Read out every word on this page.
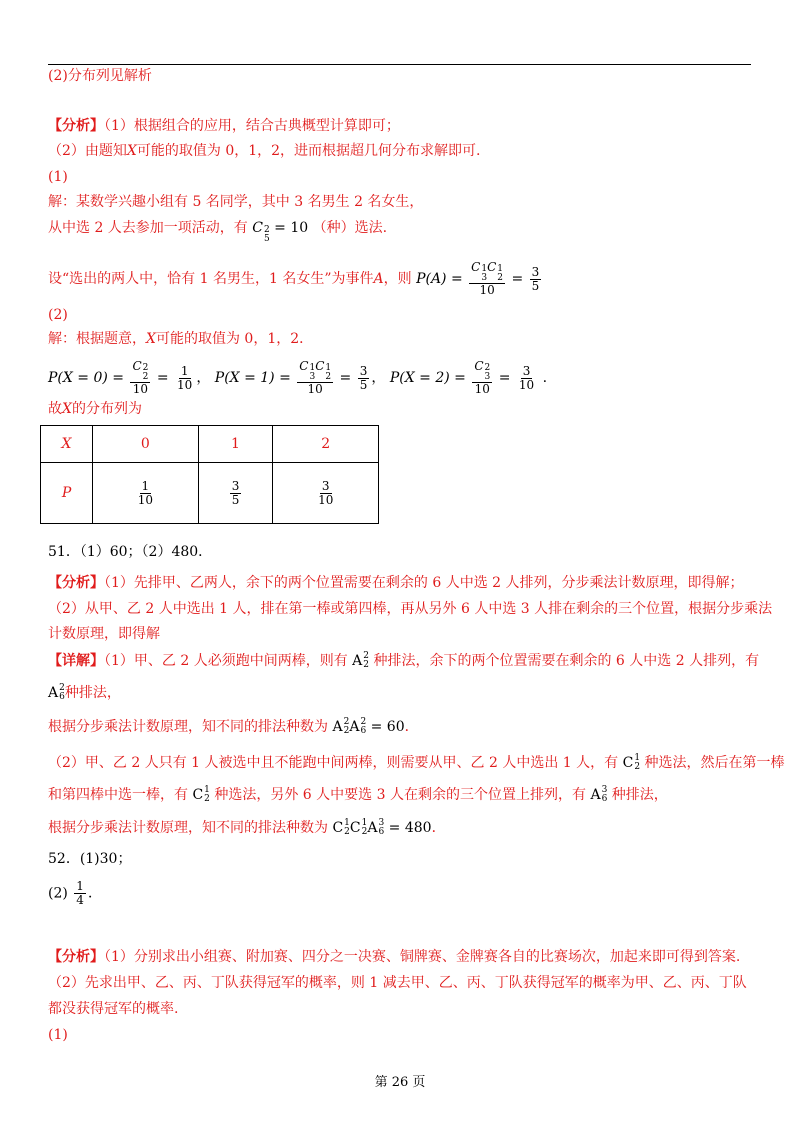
(2)分布列见解析
【分析】（1）根据组合的应用，结合古典概型计算即可；
（2）由题知X可能的取值为 0，1，2，进而根据超几何分布求解即可.
(1)
解：某数学兴趣小组有 5 名同学，其中 3 名男生 2 名女生，
从中选 2 人去参加一项活动，有 C 2
5
= 10 （种）选法.
设“选出的两人中，恰有 1 名男生，1 名女生”为事件A，则 P(A) = C 1
3
C 1
2
$10 = \frac{3}{5}$
(2)
解：根据题意，X可能的取值为 0，1，2．
P(X = 0) = C 2
2
$10 = \frac{1}{10}$ ， P(X = 1) = C 1
3
C 1
2
$10 = \frac{3}{5}$ ， P(X = 2) = C 2
3
$10 = \frac{3}{10}$ .
故X的分布列为
X	0	1	2
P	$\frac{1}{10}$	$\frac{3}{5}$	$\frac{3}{10}$
51．（1）60；（2）480．
【分析】（1）先排甲、乙两人，余下的两个位置需要在剩余的 6 人中选 2 人排列，分步乘法计数原理，即得解；
（2）从甲、乙 2 人中选出 1 人，排在第一棒或第四棒，再从另外 6 人中选 3 人排在剩余的三个位置，根据分步乘法
计数原理，即得解
【详解】（1）甲、乙 2 人必须跑中间两棒，则有 A 2
2 种排法，余下的两个位置需要在剩余的 6 人中选 2 人排列，有
A 2
6 种排法，
根据分步乘法计数原理，知不同的排法种数为 A 2
2 A 2
6
= 60 ．
（2）甲、乙 2 人只有 1 人被选中且不能跑中间两棒，则需要从甲、乙 2 人中选出 1 人，有 C 1
2 种选法，然后在第一棒
和第四棒中选一棒，有 C 1
2 种选法，另外 6 人中要选 3 人在剩余的三个位置上排列，有 A 3
6 种排法，
根据分步乘法计数原理，知不同的排法种数为 C 1
2 C 1
2 A 3
6
= 480 ．
52．(1)30；
$(2) \frac{1}{4}$ ．
【分析】（1）分别求出小组赛、附加赛、四分之一决赛、铜牌赛、金牌赛各自的比赛场次，加起来即可得到答案.
（2）先求出甲、乙、丙、丁队获得冠军的概率，则 1 减去甲、乙、丙、丁队获得冠军的概率为甲、乙、丙、丁队
都没获得冠军的概率.
(1)
第 26 页
